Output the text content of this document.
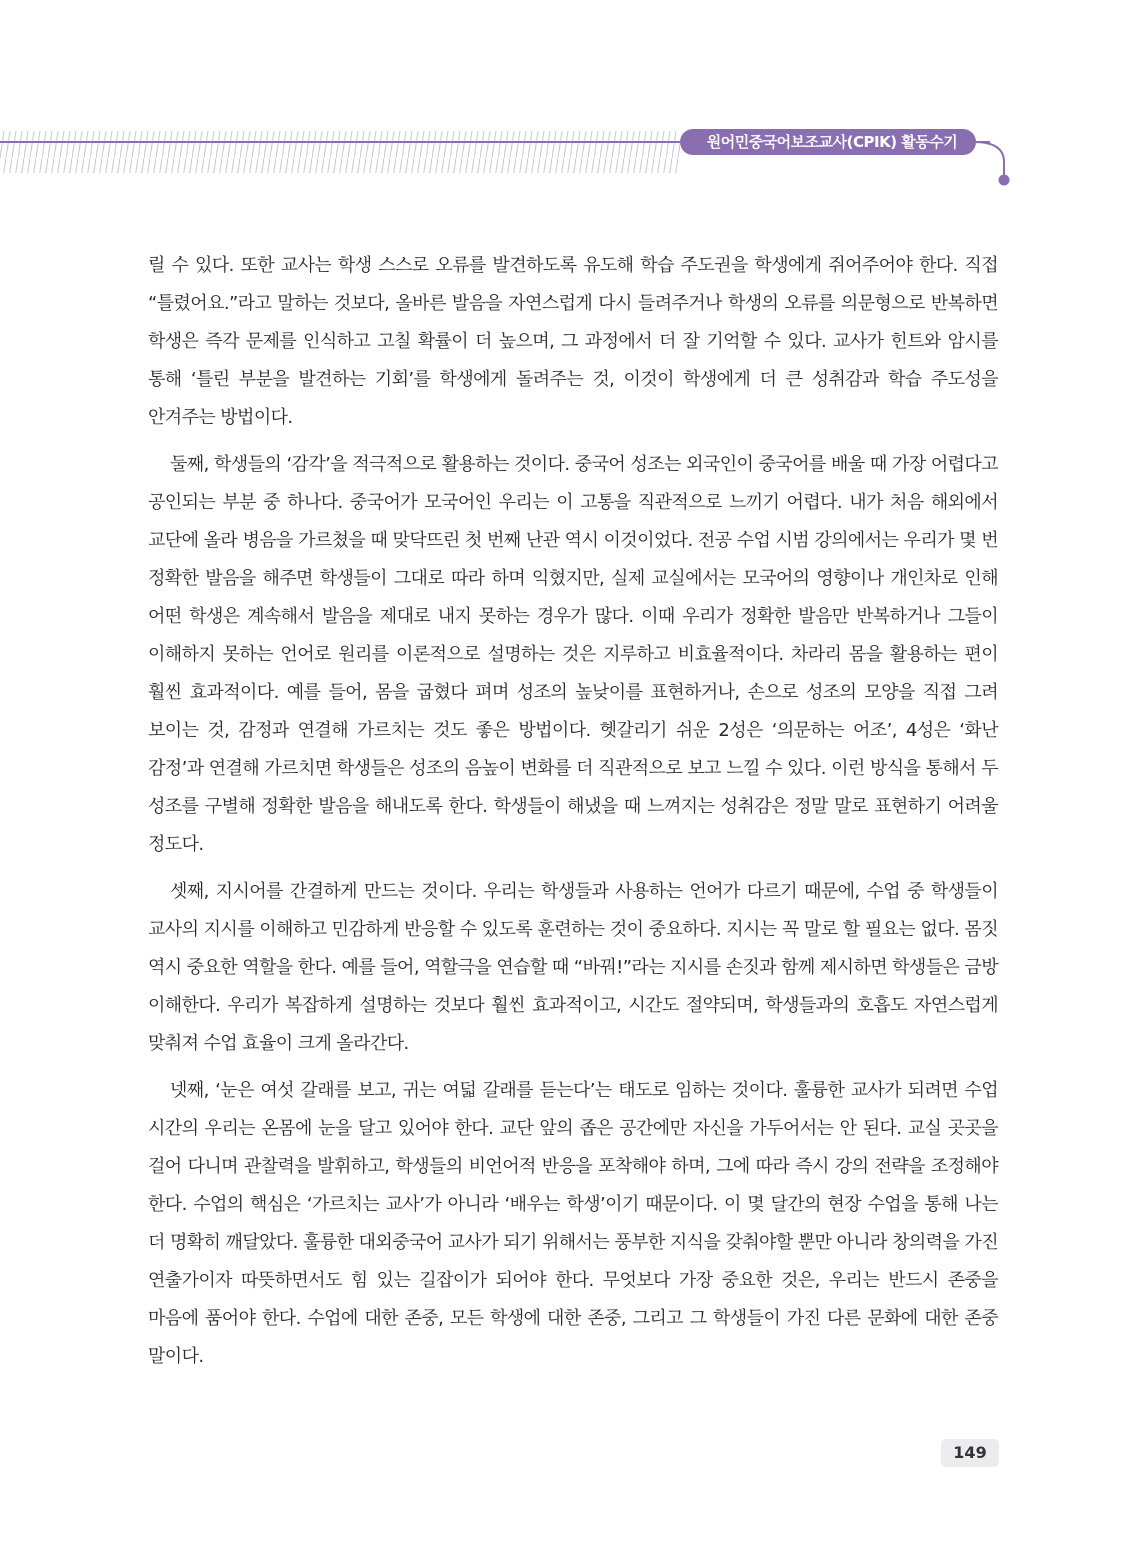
원어민중국어보조교사(CPIK) 활동수기

릴 수 있다. 또한 교사는 학생 스스로 오류를 발견하도록 유도해 학습 주도권을 학생에게 쥐어주어야 한다. 직접 “틀렸어요.”라고 말하는 것보다, 올바른 발음을 자연스럽게 다시 들려주거나 학생의 오류를 의문형으로 반복하면 학생은 즉각 문제를 인식하고 고칠 확률이 더 높으며, 그 과정에서 더 잘 기억할 수 있다. 교사가 힌트와 암시를 통해 ‘틀린 부분을 발견하는 기회’를 학생에게 돌려주는 것, 이것이 학생에게 더 큰 성취감과 학습 주도성을 안겨주는 방법이다.

둘째, 학생들의 ‘감각’을 적극적으로 활용하는 것이다. 중국어 성조는 외국인이 중국어를 배울 때 가장 어렵다고 공인되는 부분 중 하나다. 중국어가 모국어인 우리는 이 고통을 직관적으로 느끼기 어렵다. 내가 처음 해외에서 교단에 올라 병음을 가르쳤을 때 맞닥뜨린 첫 번째 난관 역시 이것이었다. 전공 수업 시범 강의에서는 우리가 몇 번 정확한 발음을 해주면 학생들이 그대로 따라 하며 익혔지만, 실제 교실에서는 모국어의 영향이나 개인차로 인해 어떤 학생은 계속해서 발음을 제대로 내지 못하는 경우가 많다. 이때 우리가 정확한 발음만 반복하거나 그들이 이해하지 못하는 언어로 원리를 이론적으로 설명하는 것은 지루하고 비효율적이다. 차라리 몸을 활용하는 편이 훨씬 효과적이다. 예를 들어, 몸을 굽혔다 펴며 성조의 높낮이를 표현하거나, 손으로 성조의 모양을 직접 그려 보이는 것, 감정과 연결해 가르치는 것도 좋은 방법이다. 헷갈리기 쉬운 2성은 ‘의문하는 어조’, 4성은 ‘화난 감정’과 연결해 가르치면 학생들은 성조의 음높이 변화를 더 직관적으로 보고 느낄 수 있다. 이런 방식을 통해서 두 성조를 구별해 정확한 발음을 해내도록 한다. 학생들이 해냈을 때 느껴지는 성취감은 정말 말로 표현하기 어려울 정도다.

셋째, 지시어를 간결하게 만드는 것이다. 우리는 학생들과 사용하는 언어가 다르기 때문에, 수업 중 학생들이 교사의 지시를 이해하고 민감하게 반응할 수 있도록 훈련하는 것이 중요하다. 지시는 꼭 말로 할 필요는 없다. 몸짓 역시 중요한 역할을 한다. 예를 들어, 역할극을 연습할 때 “바꿔!”라는 지시를 손짓과 함께 제시하면 학생들은 금방 이해한다. 우리가 복잡하게 설명하는 것보다 훨씬 효과적이고, 시간도 절약되며, 학생들과의 호흡도 자연스럽게 맞춰져 수업 효율이 크게 올라간다.

넷째, ‘눈은 여섯 갈래를 보고, 귀는 여덟 갈래를 듣는다’는 태도로 임하는 것이다. 훌륭한 교사가 되려면 수업 시간의 우리는 온몸에 눈을 달고 있어야 한다. 교단 앞의 좁은 공간에만 자신을 가두어서는 안 된다. 교실 곳곳을 걸어 다니며 관찰력을 발휘하고, 학생들의 비언어적 반응을 포착해야 하며, 그에 따라 즉시 강의 전략을 조정해야 한다. 수업의 핵심은 ‘가르치는 교사’가 아니라 ‘배우는 학생’이기 때문이다. 이 몇 달간의 현장 수업을 통해 나는 더 명확히 깨달았다. 훌륭한 대외중국어 교사가 되기 위해서는 풍부한 지식을 갖춰야할 뿐만 아니라 창의력을 가진 연출가이자 따뜻하면서도 힘 있는 길잡이가 되어야 한다. 무엇보다 가장 중요한 것은, 우리는 반드시 존중을 마음에 품어야 한다. 수업에 대한 존중, 모든 학생에 대한 존중, 그리고 그 학생들이 가진 다른 문화에 대한 존중 말이다.

149
